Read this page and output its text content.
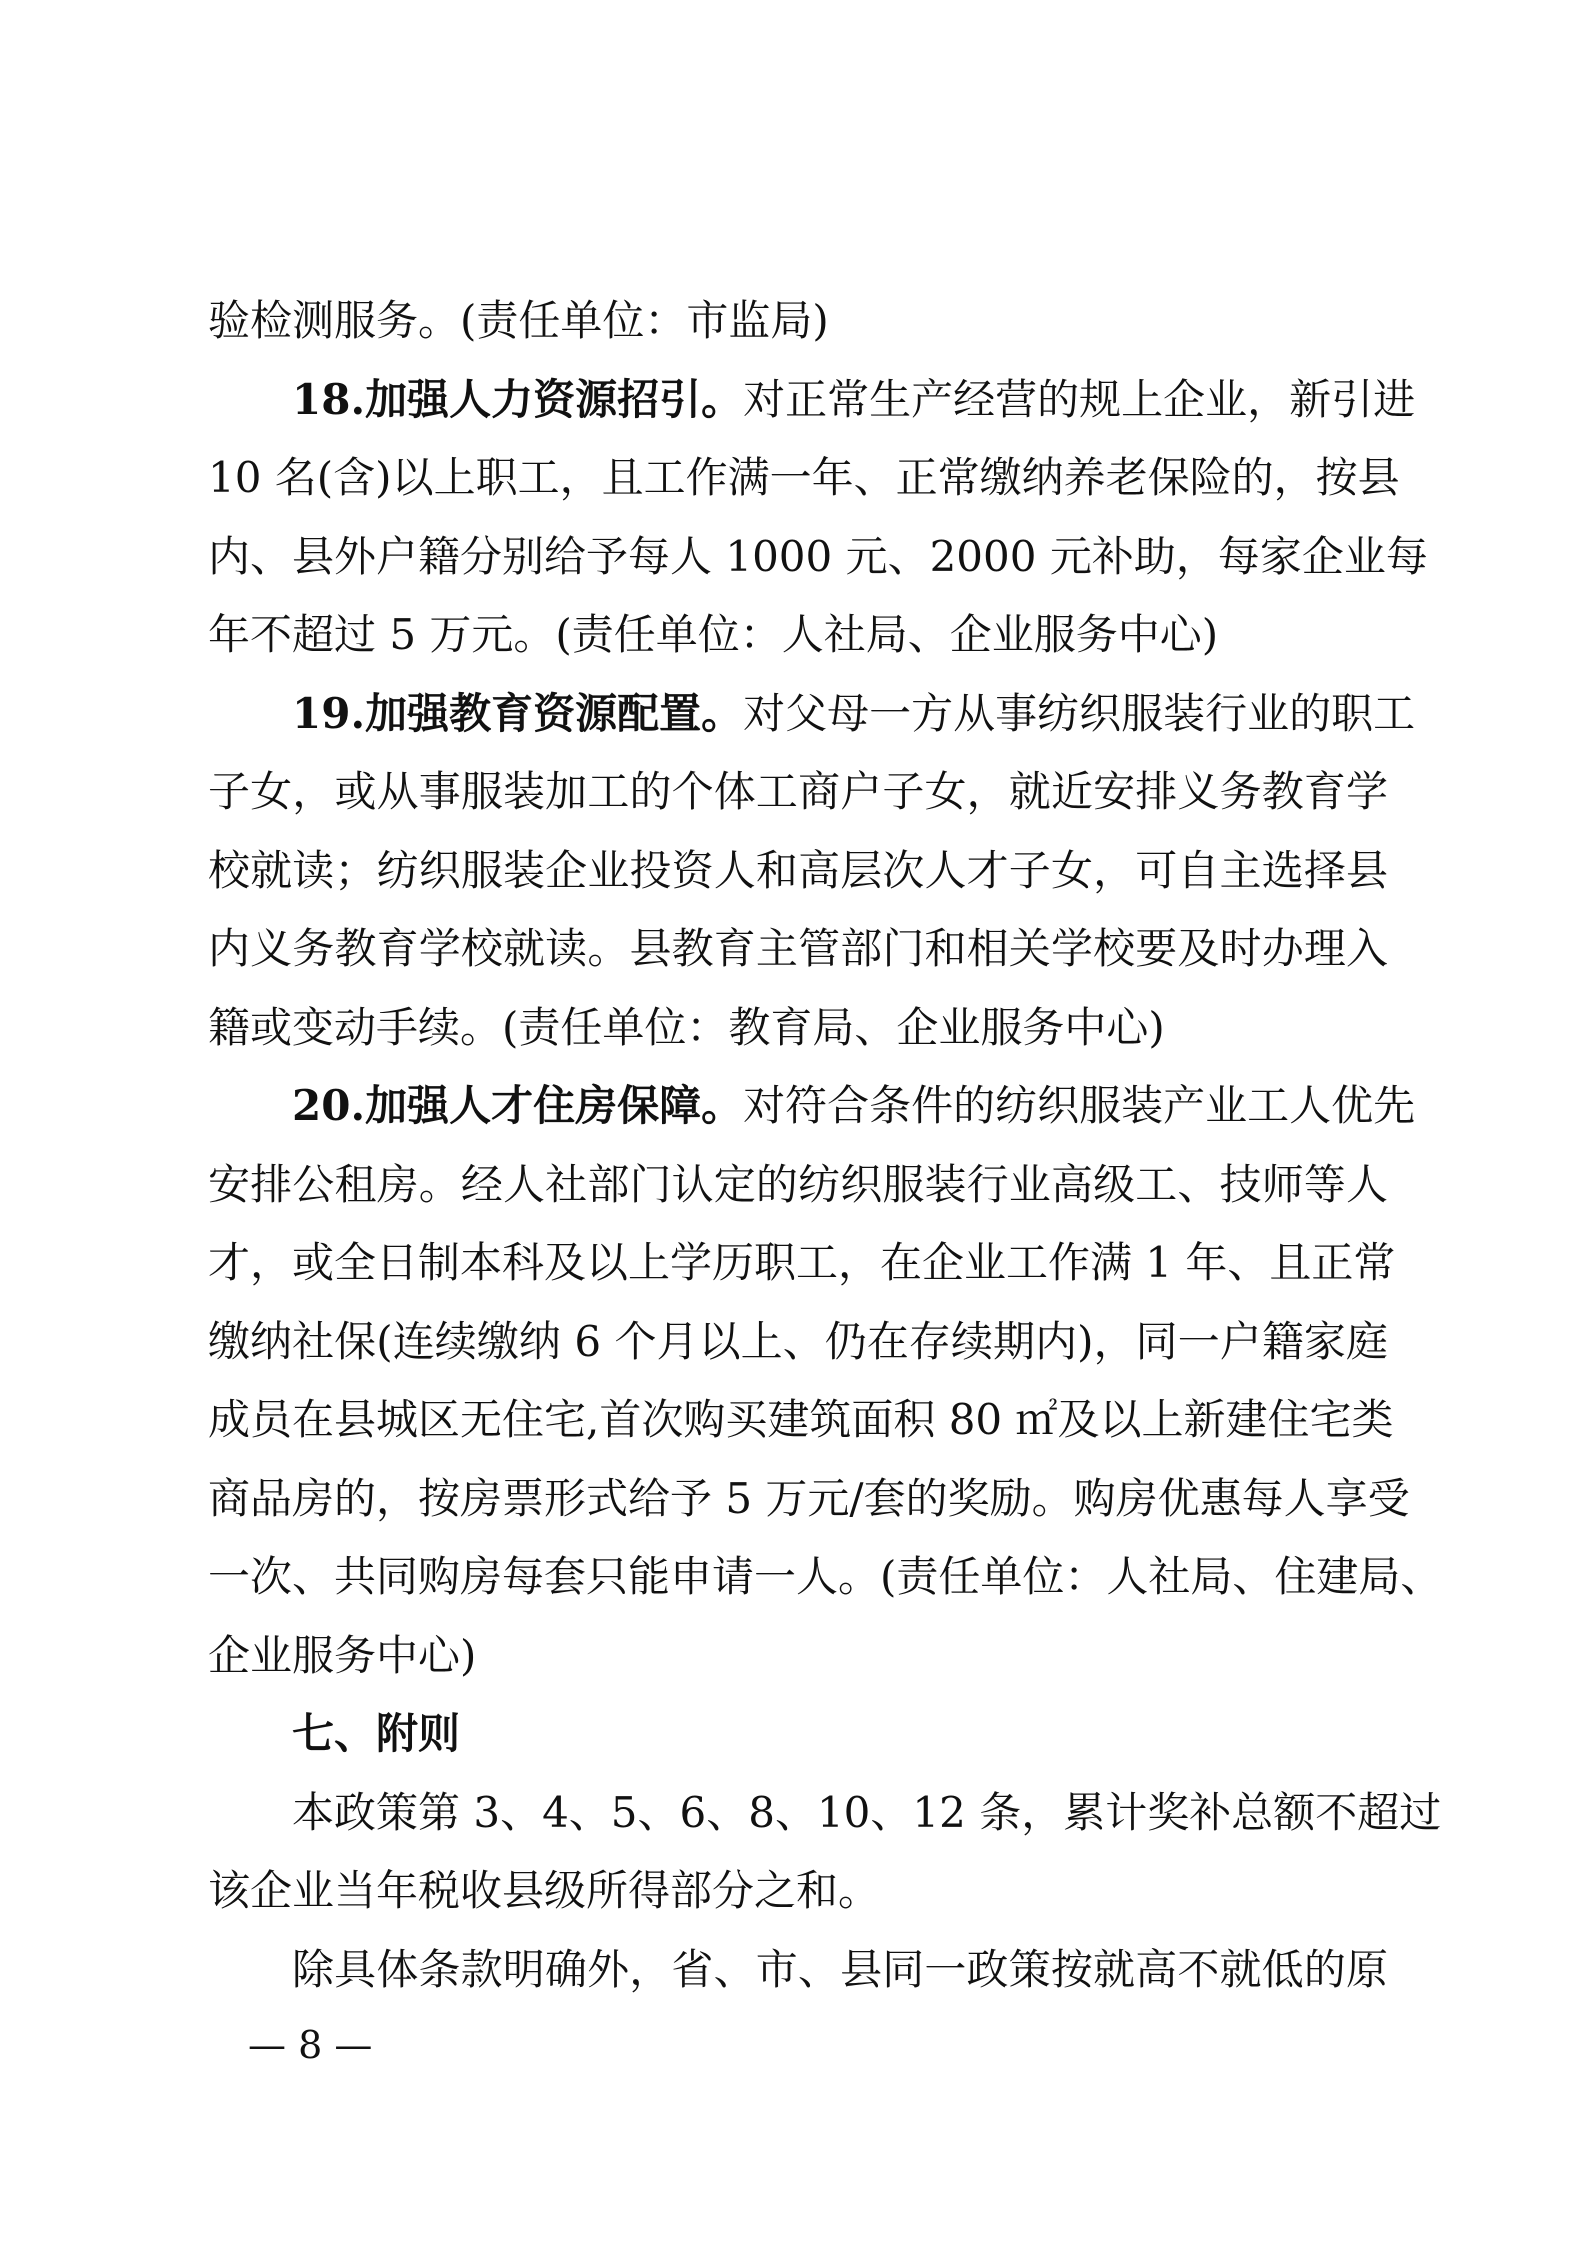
验检测服务。(责任单位：市监局)
18.加强人力资源招引。对正常生产经营的规上企业，新引进
10 名(含)以上职工，且工作满一年、正常缴纳养老保险的，按县
内、县外户籍分别给予每人 1000 元、2000 元补助，每家企业每
年不超过 5 万元。(责任单位：人社局、企业服务中心)
19.加强教育资源配置。对父母一方从事纺织服装行业的职工
子女，或从事服装加工的个体工商户子女，就近安排义务教育学
校就读；纺织服装企业投资人和高层次人才子女，可自主选择县
内义务教育学校就读。县教育主管部门和相关学校要及时办理入
籍或变动手续。(责任单位：教育局、企业服务中心)
20.加强人才住房保障。对符合条件的纺织服装产业工人优先
安排公租房。经人社部门认定的纺织服装行业高级工、技师等人
才，或全日制本科及以上学历职工，在企业工作满 1 年、且正常
缴纳社保(连续缴纳 6 个月以上、仍在存续期内)，同一户籍家庭
成员在县城区无住宅,首次购买建筑面积 80 ㎡及以上新建住宅类
商品房的，按房票形式给予 5 万元/套的奖励。购房优惠每人享受
一次、共同购房每套只能申请一人。(责任单位：人社局、住建局、
企业服务中心)
七、附则
本政策第 3、4、5、6、8、10、12 条，累计奖补总额不超过
该企业当年税收县级所得部分之和。
除具体条款明确外，省、市、县同一政策按就高不就低的原
— 8 —
